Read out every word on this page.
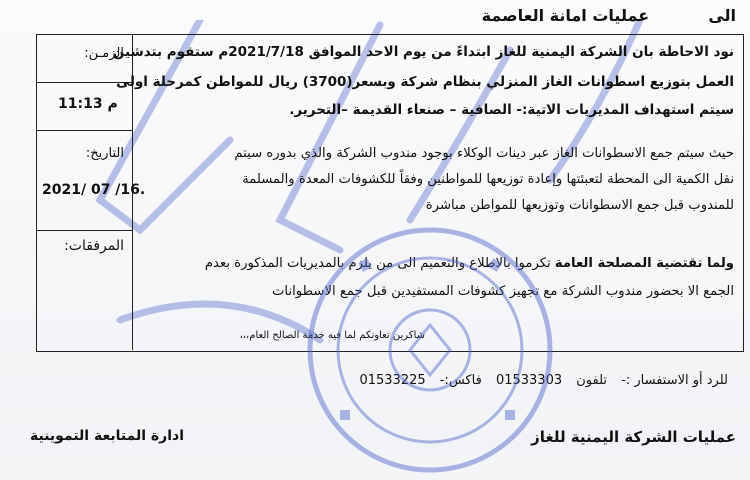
الى  عمليات امانة العاصمة
الزمـن:
11:13 م
التاريخ:
2021/ 07 /16.
المرفقات:
نود الاحاطة بان الشركة اليمنية للغاز ابتداءً من يوم الاحد الموافق 2021/7/18م ستقوم بتدشين
العمل بتوزيع اسطوانات الغاز المنزلي بنظام شركة وبسعر(3700) ريال للمواطن كمرحلة اولى
سيتم استهداف المديريات الاتية:- الصافية – صنعاء القديمة –التحرير.
حيث سيتم جمع الاسطوانات الغاز عبر دينات الوكلاء بوجود مندوب الشركة والذي بدوره سيتم
نقل الكمية الى المحطة لتعبئتها وإعادة توزيعها للمواطنين وفقاً للكشوفات المعدة والمسلمة
للمندوب قبل جمع الاسطوانات وتوزيعها للمواطن مباشرة
ولما تقتضية المصلحة العامة تكرموا بالاطلاع والتعميم الى من يلزم بالمديريات المذكورة بعدم
الجمع الا بحضور مندوب الشركة مع تجهيز كشوفات المستفيدين قبل جمع الاسطوانات
شاكرين تعاونكم لما فيه خدمة الصالح العام،،،
للرد أو الاستفسار :- تلفون 01533303 فاكس:- 01533225
عمليات الشركة اليمنية للغاز
ادارة المتابعة التموينية
